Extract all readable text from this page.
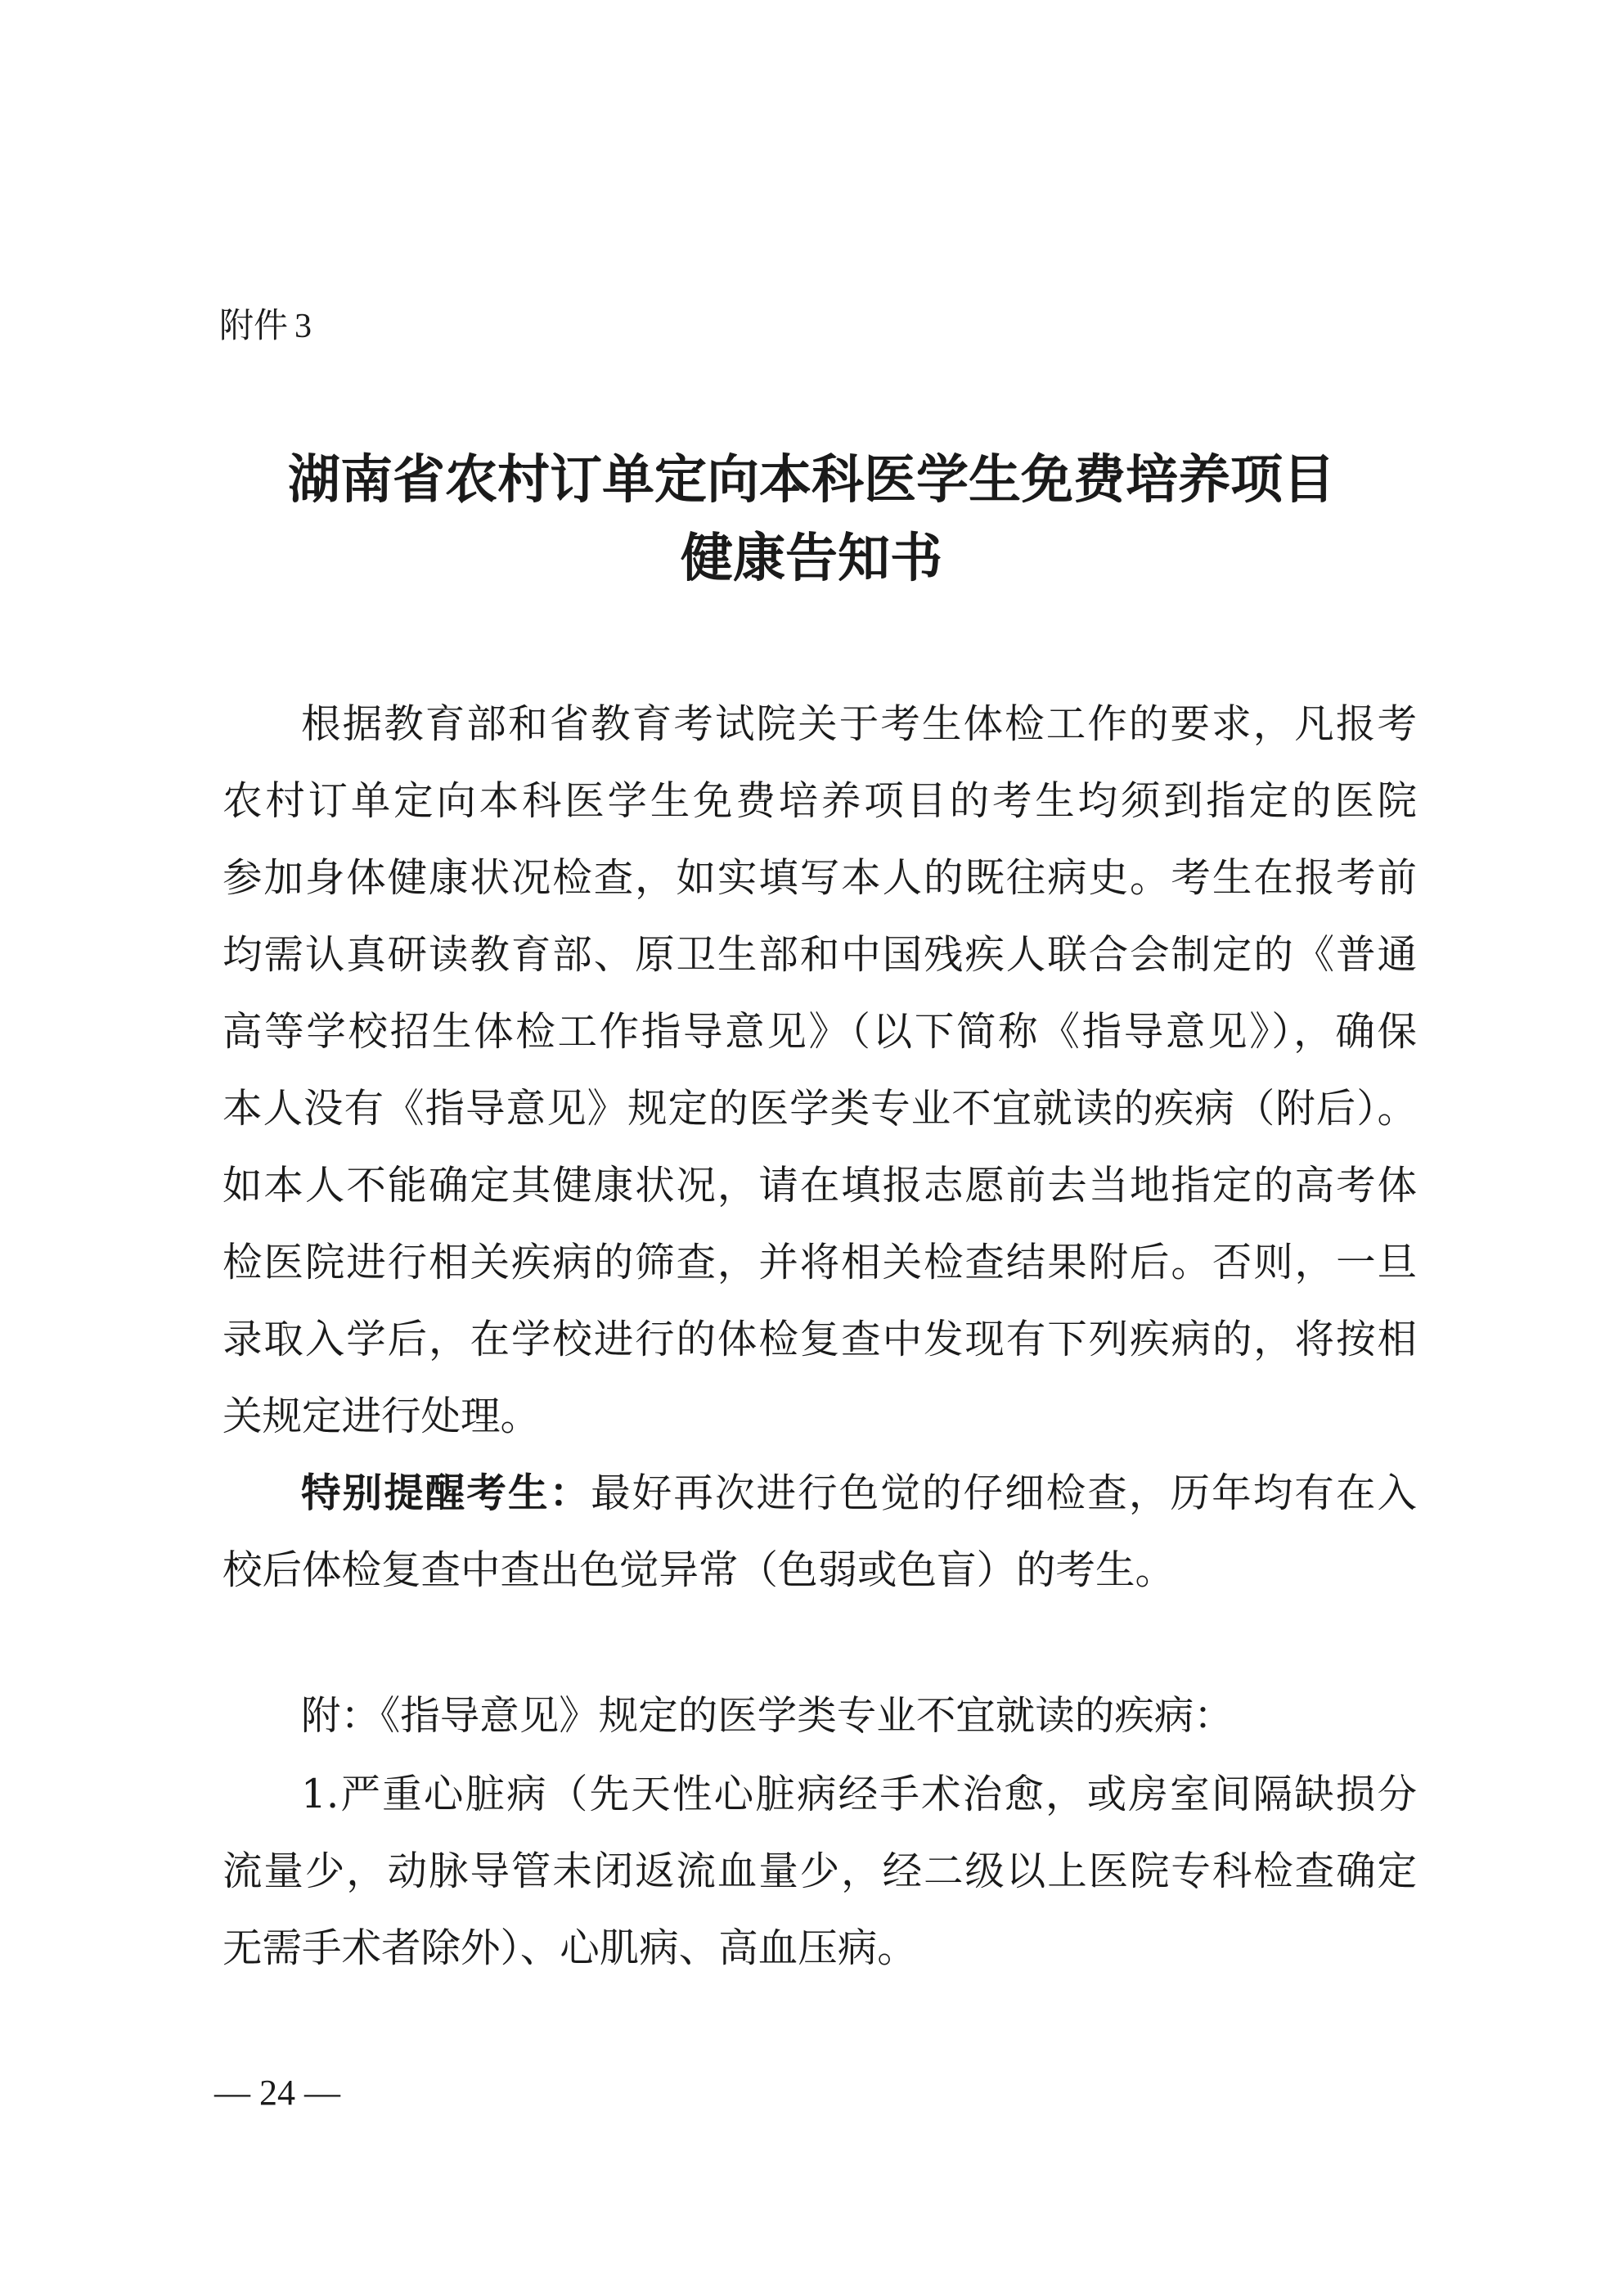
附件 3
湖南省农村订单定向本科医学生免费培养项目
健康告知书
根据教育部和省教育考试院关于考生体检工作的要求，凡报考
农村订单定向本科医学生免费培养项目的考生均须到指定的医院
参加身体健康状况检查，如实填写本人的既往病史。考生在报考前
均需认真研读教育部、原卫生部和中国残疾人联合会制定的《普通
高等学校招生体检工作指导意见》（以下简称《指导意见》），确保
本人没有《指导意见》规定的医学类专业不宜就读的疾病（附后）。
如本人不能确定其健康状况，请在填报志愿前去当地指定的高考体
检医院进行相关疾病的筛查，并将相关检查结果附后。否则，一旦
录取入学后，在学校进行的体检复查中发现有下列疾病的，将按相
关规定进行处理。
特别提醒考生：最好再次进行色觉的仔细检查，历年均有在入
校后体检复查中查出色觉异常（色弱或色盲）的考生。
附：《指导意见》规定的医学类专业不宜就读的疾病：
1.严重心脏病（先天性心脏病经手术治愈，或房室间隔缺损分
流量少，动脉导管未闭返流血量少，经二级以上医院专科检查确定
无需手术者除外）、心肌病、高血压病。
— 24 —
